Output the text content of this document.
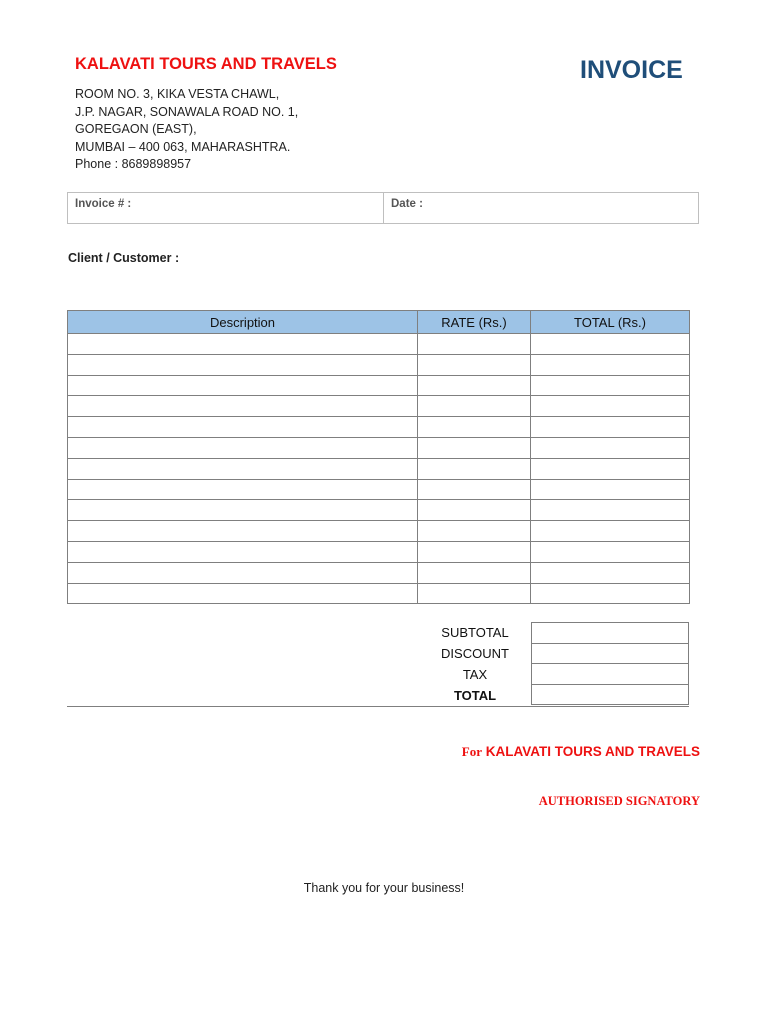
KALAVATI TOURS AND TRAVELS	INVOICE
ROOM NO. 3, KIKA VESTA CHAWL,
J.P. NAGAR, SONAWALA ROAD NO. 1,
GOREGAON (EAST),
MUMBAI – 400 063, MAHARASHTRA.
Phone : 8689898957
Invoice # :	Date :
Client / Customer :
Description	RATE (Rs.)	TOTAL (Rs.)

SUBTOTAL
DISCOUNT
TAX
TOTAL

For KALAVATI TOURS AND TRAVELS
AUTHORISED SIGNATORY
Thank you for your business!
